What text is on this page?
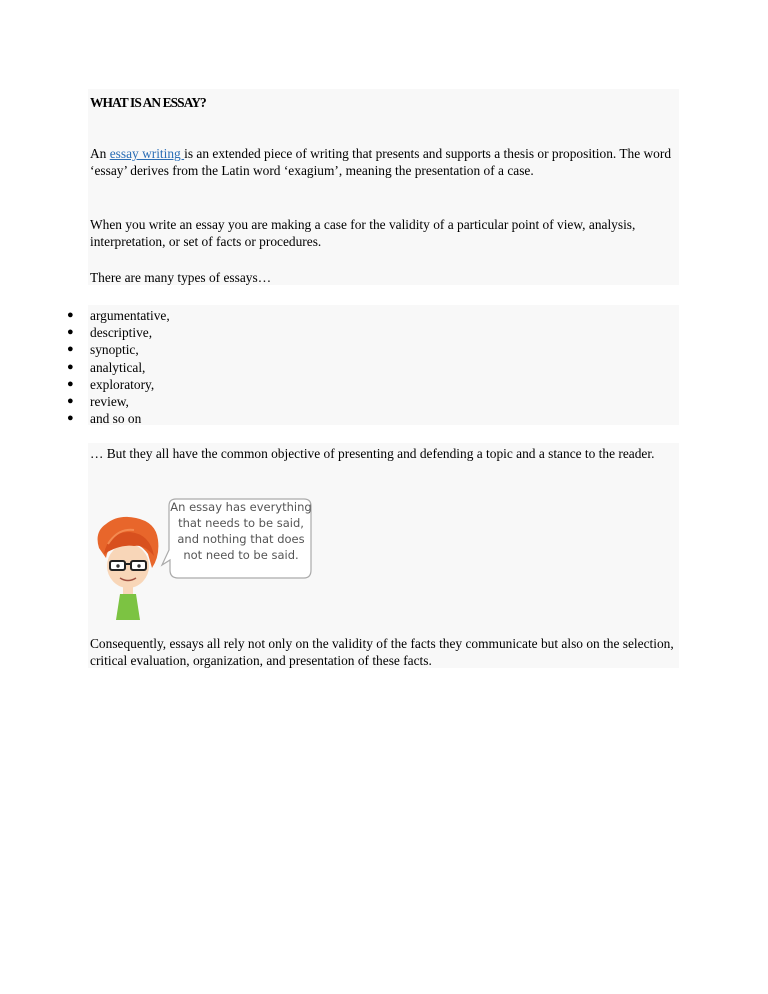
WHAT IS AN ESSAY?
An essay writing is an extended piece of writing that presents and supports a thesis or proposition. The word ‘essay’ derives from the Latin word ‘exagium’, meaning the presentation of a case.
When you write an essay you are making a case for the validity of a particular point of view, analysis, interpretation, or set of facts or procedures.
There are many types of essays…
● argumentative,
● descriptive,
● synoptic,
● analytical,
● exploratory,
● review,
● and so on
… But they all have the common objective of presenting and defending a topic and a stance to the reader.
An essay has everything that needs to be said, and nothing that does not need to be said.
Consequently, essays all rely not only on the validity of the facts they communicate but also on the selection, critical evaluation, organization, and presentation of these facts.
